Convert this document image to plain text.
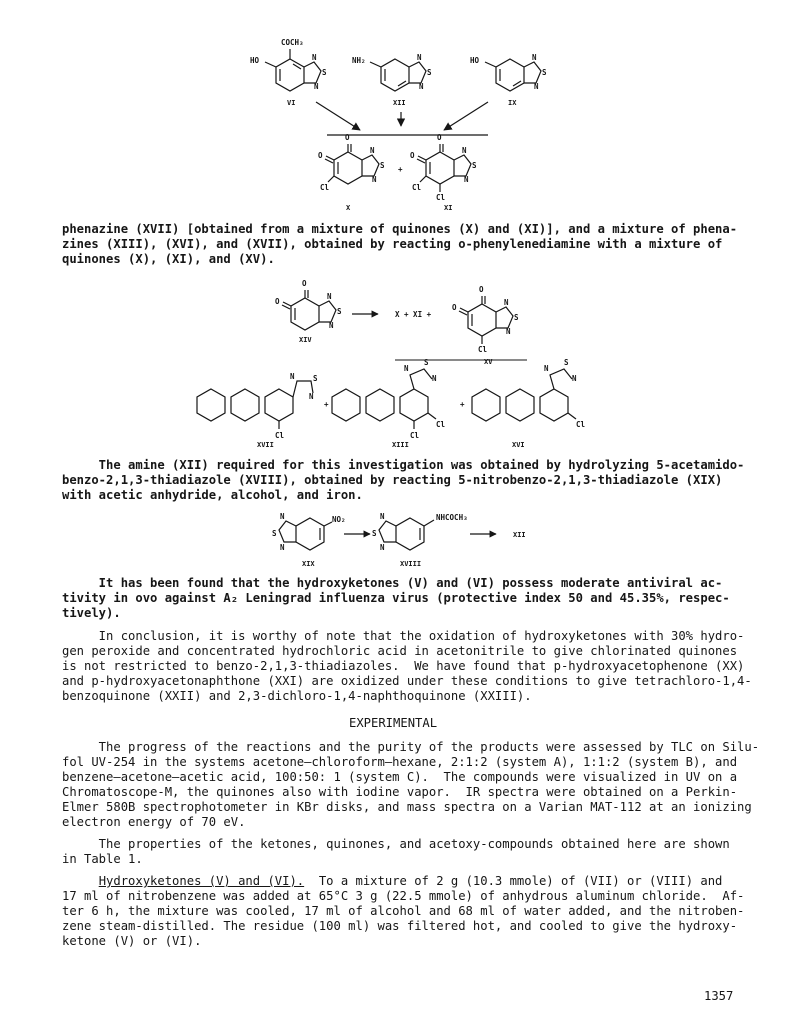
COCH₃
HO	N
S
N
VI
NH₂	N
S
N
XII
HO	N
S
N
IX
O
O
Cl
N
S
N
X
+
O
O
Cl
Cl
N
S
N
XI
phenazine (XVII) [obtained from a mixture of quinones (X) and (XI)], and a mixture of phena-
zines (XIII), (XVI), and (XVII), obtained by reacting o-phenylenediamine with a mixture of
quinones (X), (XI), and (XV).
O
O
N
S
N
XIV
X + XI +
O
O
Cl
N
S
N
XV
N S
N
Cl
XVII
+
N
S
N
Cl
Cl
XIII
+
N
S
N
Cl
XVI
The amine (XII) required for this investigation was obtained by hydrolyzing 5-acetamido-
benzo-2,1,3-thiadiazole (XVIII), obtained by reacting 5-nitrobenzo-2,1,3-thiadiazole (XIX)
with acetic anhydride, alcohol, and iron.
NO₂
N
S
N
XIX
NHCOCH₃
N
S
N
XVIII
XII
It has been found that the hydroxyketones (V) and (VI) possess moderate antiviral ac-
tivity in ovo against A₂ Leningrad influenza virus (protective index 50 and 45.35%, respec-
tively).
In conclusion, it is worthy of note that the oxidation of hydroxyketones with 30% hydro-
gen peroxide and concentrated hydrochloric acid in acetonitrile to give chlorinated quinones
is not restricted to benzo-2,1,3-thiadiazoles.  We have found that p-hydroxyacetophenone (XX)
and p-hydroxyacetonaphthone (XXI) are oxidized under these conditions to give tetrachloro-1,4-
benzoquinone (XXII) and 2,3-dichloro-1,4-naphthoquinone (XXIII).
EXPERIMENTAL
The progress of the reactions and the purity of the products were assessed by TLC on Silu-
fol UV-254 in the systems acetone–chloroform–hexane, 2:1:2 (system A), 1:1:2 (system B), and
benzene–acetone–acetic acid, 100:50: 1 (system C).  The compounds were visualized in UV on a
Chromatoscope-M, the quinones also with iodine vapor.  IR spectra were obtained on a Perkin-
Elmer 580B spectrophotometer in KBr disks, and mass spectra on a Varian MAT-112 at an ionizing
electron energy of 70 eV.
The properties of the ketones, quinones, and acetoxy-compounds obtained here are shown
in Table 1.
Hydroxyketones (V) and (VI).  To a mixture of 2 g (10.3 mmole) of (VII) or (VIII) and
17 ml of nitrobenzene was added at 65°C 3 g (22.5 mmole) of anhydrous aluminum chloride.  Af-
ter 6 h, the mixture was cooled, 17 ml of alcohol and 68 ml of water added, and the nitroben-
zene steam-distilled. The residue (100 ml) was filtered hot, and cooled to give the hydroxy-
ketone (V) or (VI).
1357
